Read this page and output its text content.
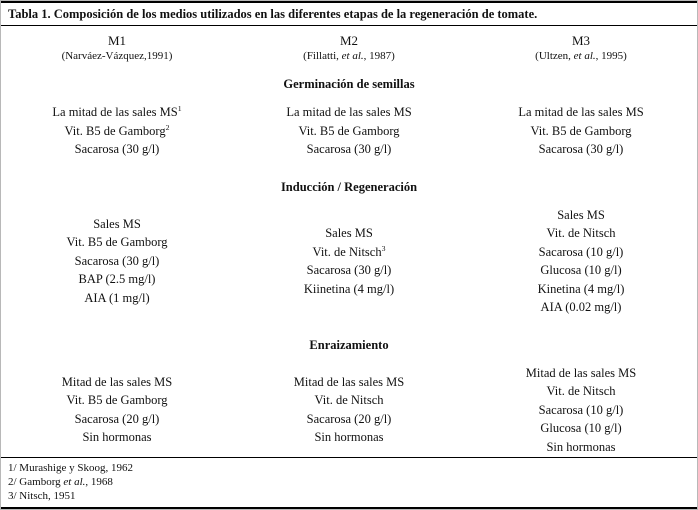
Tabla 1. Composición de los medios utilizados en las diferentes etapas de la regeneración de tomate.
M1
(Narváez-Vázquez,1991)
M2
(Fillatti, et al., 1987)
M3
(Ultzen, et al., 1995)
Germinación de semillas
La mitad de las sales $MS^1$
Vit. B5 de Gamborg$^2$
Sacarosa (30 g/l)
La mitad de las sales MS
Vit. B5 de Gamborg
Sacarosa (30 g/l)
La mitad de las sales MS
Vit. B5 de Gamborg
Sacarosa (30 g/l)
Inducción / Regeneración
Sales MS
Vit. B5 de Gamborg
Sacarosa (30 g/l)
BAP (2.5 mg/l)
AIA (1 mg/l)
Sales MS
Vit. de Nitsch$^3$
Sacarosa (30 g/l)
Kiinetina (4 mg/l)
Sales MS
Vit. de Nitsch
Sacarosa (10 g/l)
Glucosa (10 g/l)
Kinetina (4 mg/l)
AIA (0.02 mg/l)
Enraizamiento
Mitad de las sales MS
Vit. B5 de Gamborg
Sacarosa (20 g/l)
Sin hormonas
Mitad de las sales MS
Vit. de Nitsch
Sacarosa (20 g/l)
Sin hormonas
Mitad de las sales MS
Vit. de Nitsch
Sacarosa (10 g/l)
Glucosa (10 g/l)
Sin hormonas
1/ Murashige y Skoog, 1962
2/ Gamborg et al., 1968
3/ Nitsch, 1951
